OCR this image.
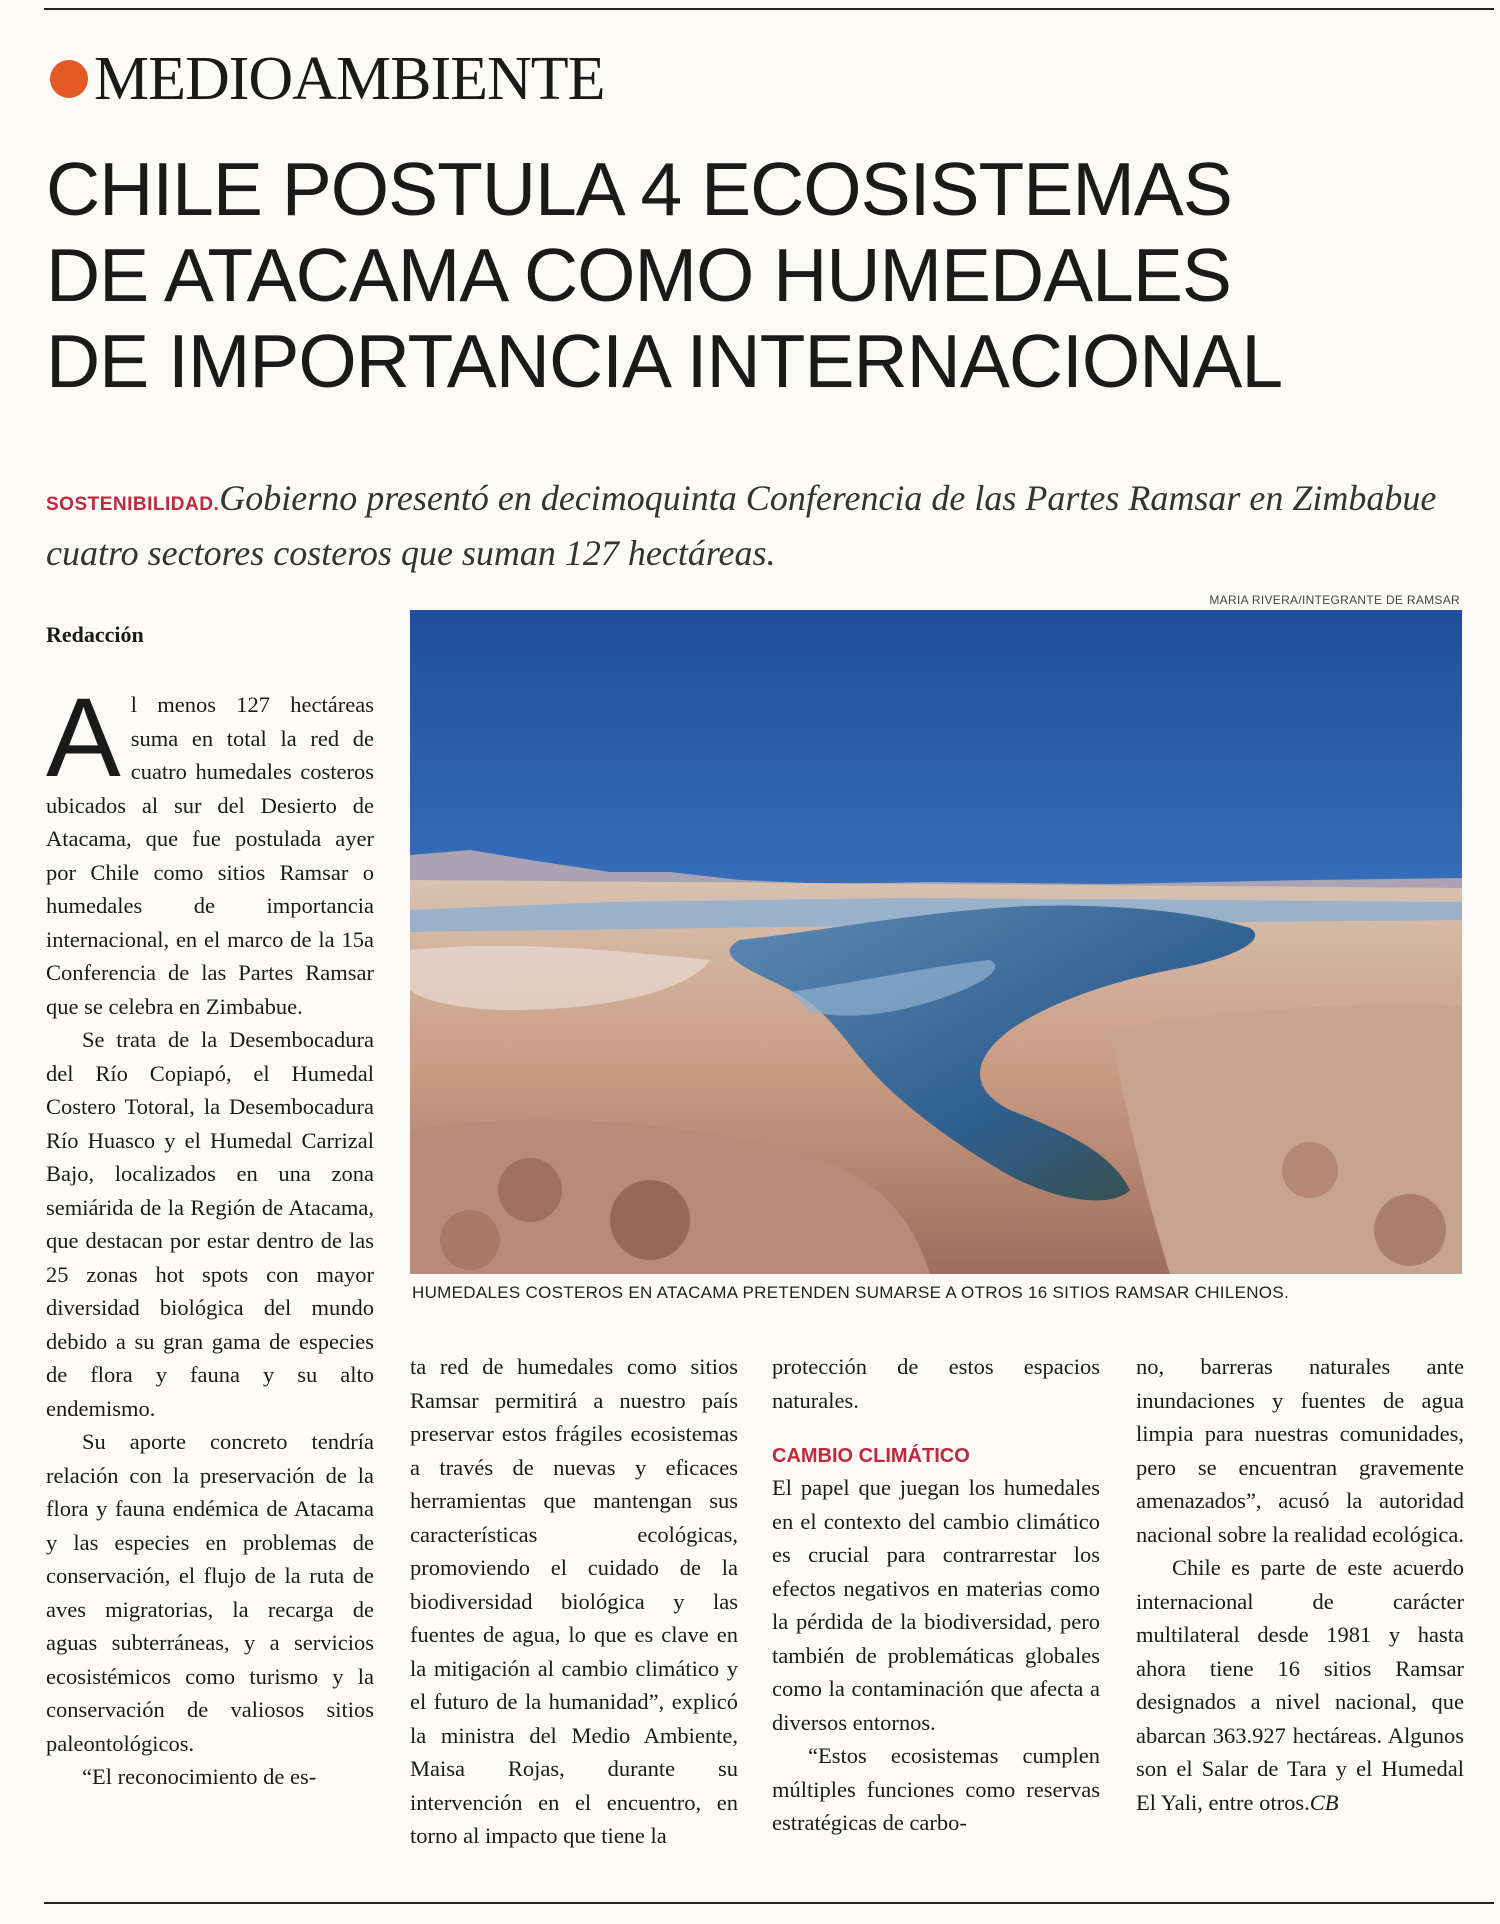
MEDIOAMBIENTE
CHILE POSTULA 4 ECOSISTEMAS
DE ATACAMA COMO HUMEDALES
DE IMPORTANCIA INTERNACIONAL
SOSTENIBILIDAD.Gobierno presentó en decimoquinta Conferencia de las Partes Ramsar en Zimbabue cuatro sectores costeros que suman 127 hectáreas.
MARIA RIVERA/INTEGRANTE DE RAMSAR
HUMEDALES COSTEROS EN ATACAMA PRETENDEN SUMARSE A OTROS 16 SITIOS RAMSAR CHILENOS.
Redacción

Al menos 127 hectáreas suma en total la red de cuatro humedales costeros ubicados al sur del Desierto de Atacama, que fue postulada ayer por Chile como sitios Ramsar o humedales de importancia internacional, en el marco de la 15a Conferencia de las Partes Ramsar que se celebra en Zimbabue.

Se trata de la Desembocadura del Río Copiapó, el Humedal Costero Totoral, la Desembocadura Río Huasco y el Humedal Carrizal Bajo, localizados en una zona semiárida de la Región de Atacama, que destacan por estar dentro de las 25 zonas hot spots con mayor diversidad biológica del mundo debido a su gran gama de especies de flora y fauna y su alto endemismo.

Su aporte concreto tendría relación con la preservación de la flora y fauna endémica de Atacama y las especies en problemas de conservación, el flujo de la ruta de aves migratorias, la recarga de aguas subterráneas, y a servicios ecosistémicos como turismo y la conservación de valiosos sitios paleontológicos.

“El reconocimiento de es-

ta red de humedales como sitios Ramsar permitirá a nuestro país preservar estos frágiles ecosistemas a través de nuevas y eficaces herramientas que mantengan sus características ecológicas, promoviendo el cuidado de la biodiversidad biológica y las fuentes de agua, lo que es clave en la mitigación al cambio climático y el futuro de la humanidad”, explicó la ministra del Medio Ambiente, Maisa Rojas, durante su intervención en el encuentro, en torno al impacto que tiene la

protección de estos espacios naturales.

CAMBIO CLIMÁTICO

El papel que juegan los humedales en el contexto del cambio climático es crucial para contrarrestar los efectos negativos en materias como la pérdida de la biodiversidad, pero también de problemáticas globales como la contaminación que afecta a diversos entornos.

“Estos ecosistemas cumplen múltiples funciones como reservas estratégicas de carbo-

no, barreras naturales ante inundaciones y fuentes de agua limpia para nuestras comunidades, pero se encuentran gravemente amenazados”, acusó la autoridad nacional sobre la realidad ecológica.

Chile es parte de este acuerdo internacional de carácter multilateral desde 1981 y hasta ahora tiene 16 sitios Ramsar designados a nivel nacional, que abarcan 363.927 hectáreas. Algunos son el Salar de Tara y el Humedal El Yali, entre otros.CB
